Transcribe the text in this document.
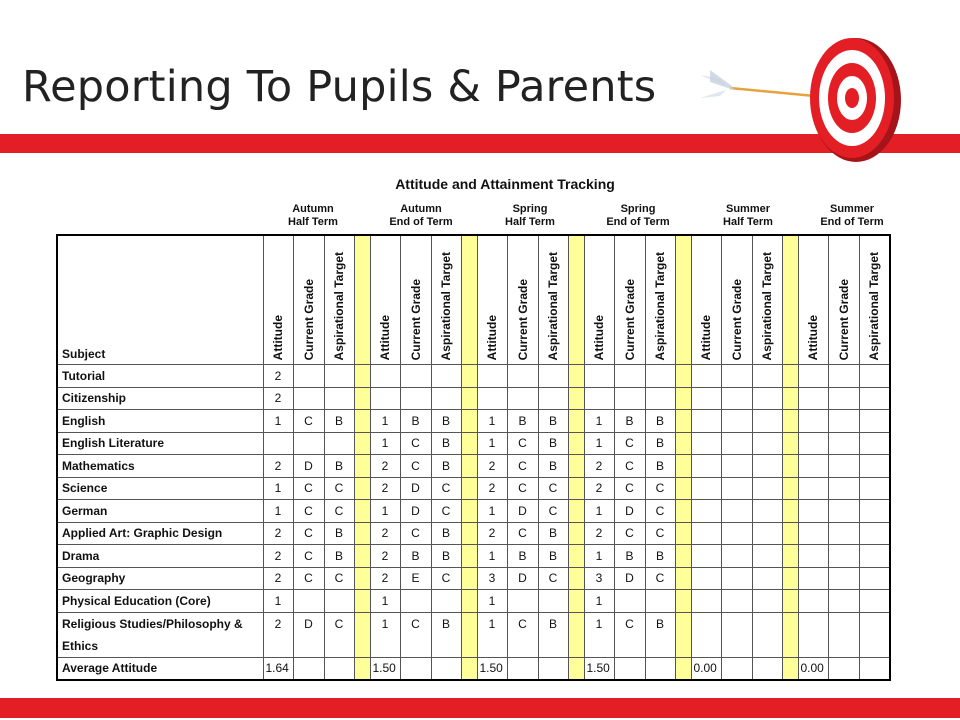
Reporting To Pupils & Parents
Attitude and Attainment Tracking
Autumn
Half Term
Autumn
End of Term
Spring
Half Term
Spring
End of Term
Summer
Half Term
Summer
End of Term
Subject	Attitude	Current Grade	Aspirational Target		Attitude	Current Grade	Aspirational Target		Attitude	Current Grade	Aspirational Target		Attitude	Current Grade	Aspirational Target		Attitude	Current Grade	Aspirational Target		Attitude	Current Grade	Aspirational Target

Tutorial	2																						
Citizenship	2																						
English	1	C	B		1	B	B		1	B	B		1	B	B								
English Literature					1	C	B		1	C	B		1	C	B								
Mathematics	2	D	B		2	C	B		2	C	B		2	C	B								
Science	1	C	C		2	D	C		2	C	C		2	C	C								
German	1	C	C		1	D	C		1	D	C		1	D	C								
Applied Art: Graphic Design	2	C	B		2	C	B		2	C	B		2	C	C								
Drama	2	C	B		2	B	B		1	B	B		1	B	B								
Geography	2	C	C		2	E	C		3	D	C		3	D	C								
Physical Education (Core)	1				1				1				1										
Religious Studies/Philosophy & Ethics	2	D	C		1	C	B		1	C	B		1	C	B								
Average Attitude	1.64				1.50				1.50				1.50				0.00				0.00		
